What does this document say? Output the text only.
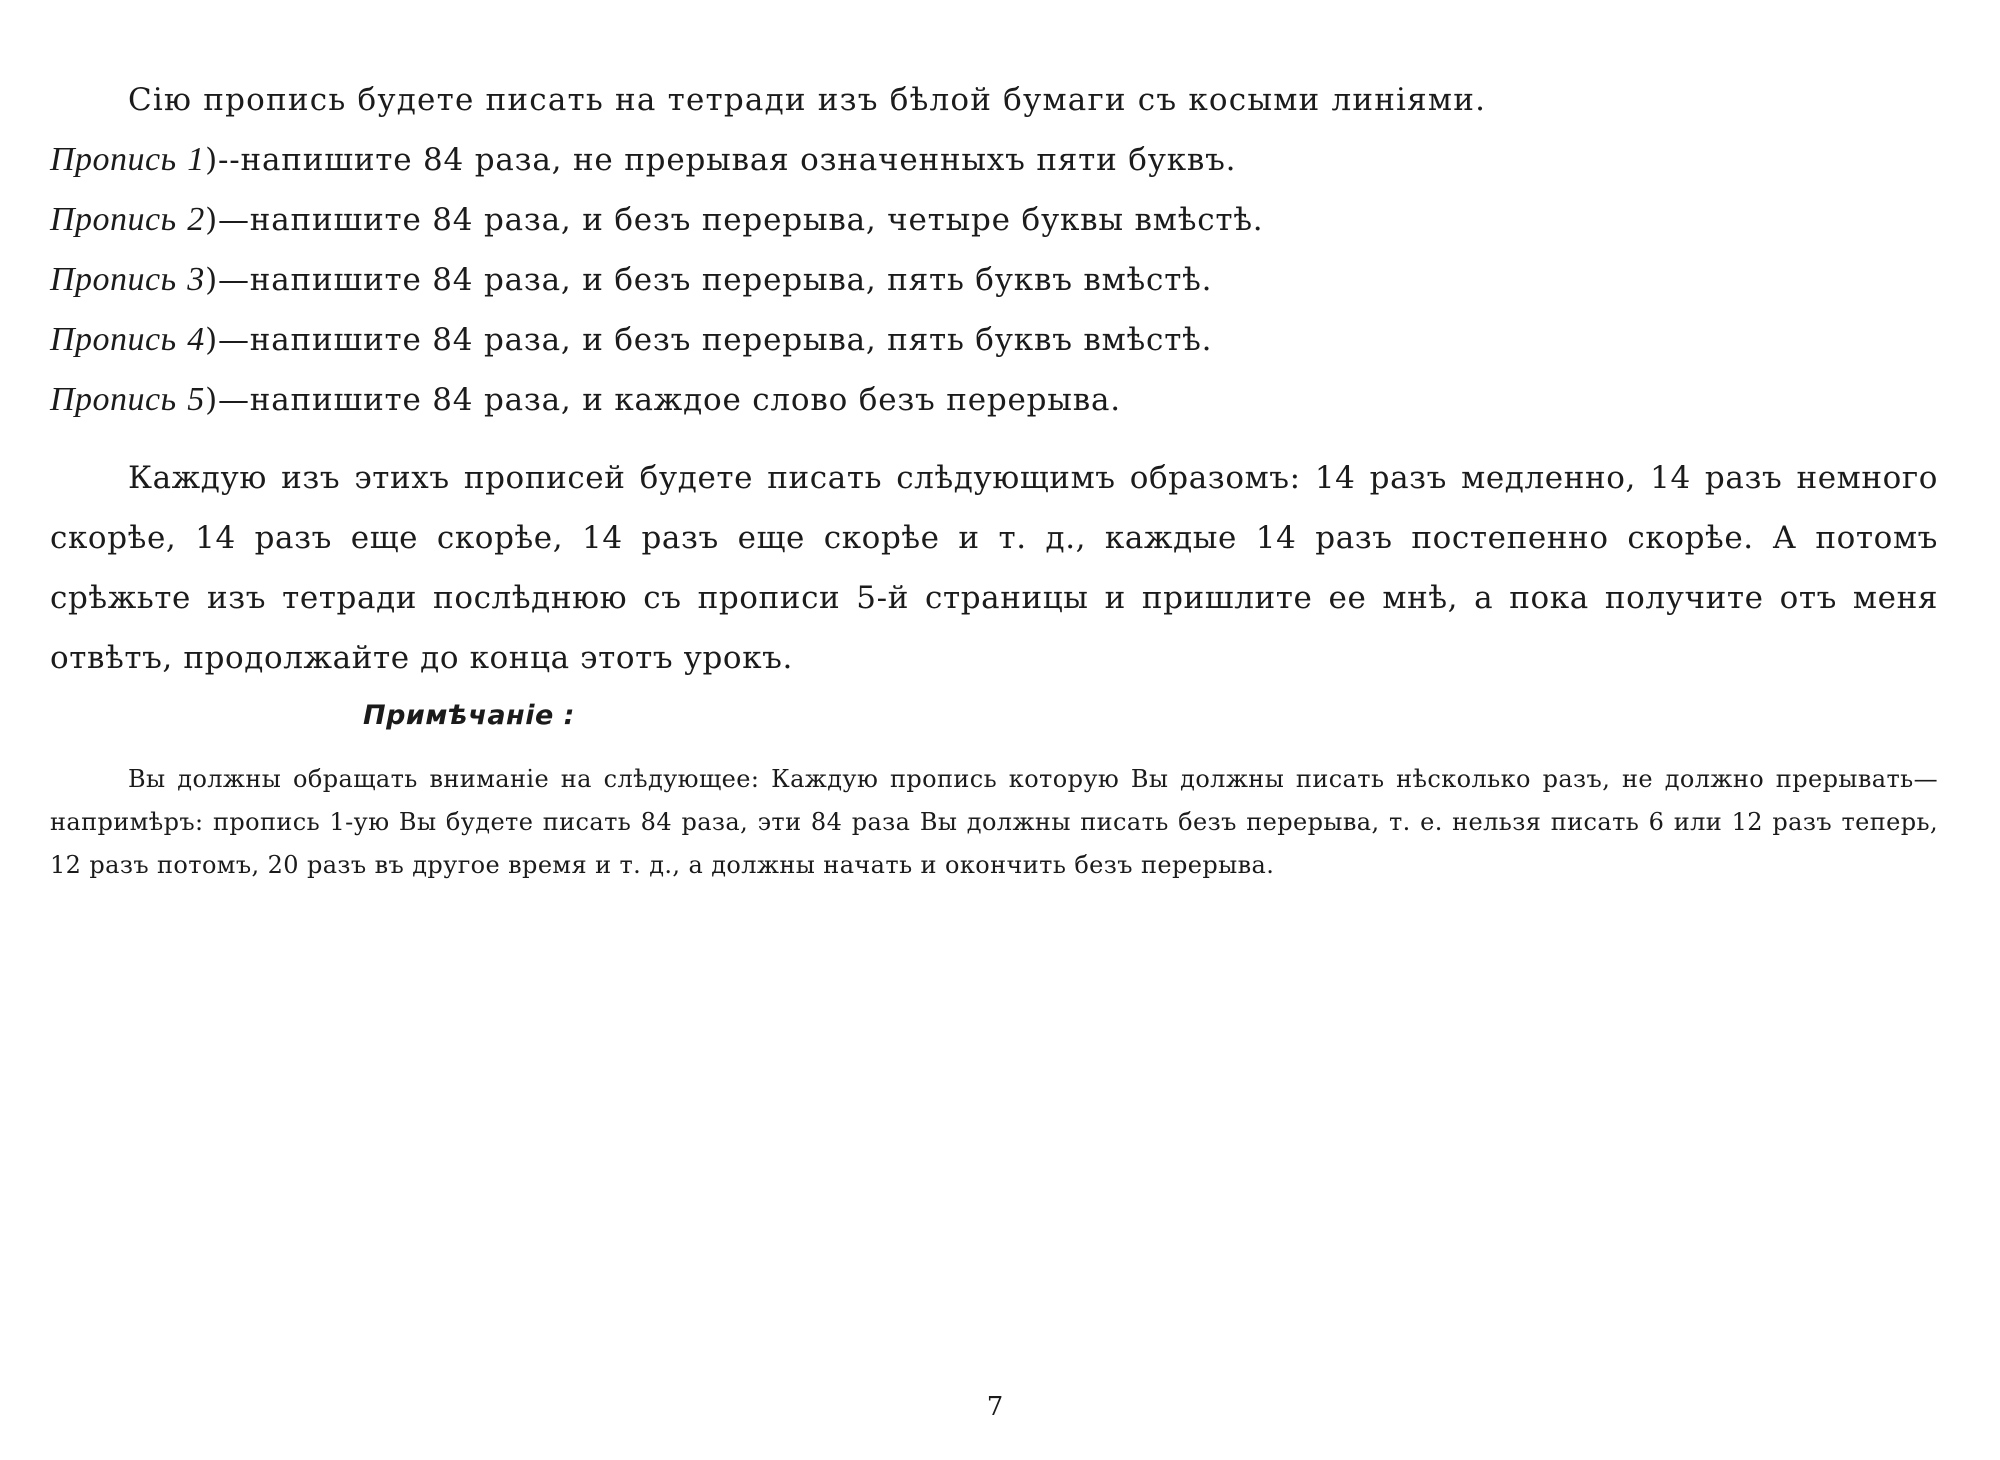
Сію пропись будете писать на тетради изъ бѣлой бумаги съ косыми линіями.
Пропись 1)--напишите 84 раза, не прерывая означенныхъ пяти буквъ.
Пропись 2)—напишите 84 раза, и безъ перерыва, четыре буквы вмѣстѣ.
Пропись 3)—напишите 84 раза, и безъ перерыва, пять буквъ вмѣстѣ.
Пропись 4)—напишите 84 раза, и безъ перерыва, пять буквъ вмѣстѣ.
Пропись 5)—напишите 84 раза, и каждое слово безъ перерыва.
Каждую изъ этихъ прописей будете писать слѣдующимъ образомъ: 14 разъ медленно, 14 разъ немного скорѣе, 14 разъ еще скорѣе, 14 разъ еще скорѣе и т. д., каждые 14 разъ постепенно скорѣе. А потомъ срѣжьте изъ тетради послѣднюю съ прописи 5-й страницы и пришлите ее мнѣ, а пока получите отъ меня отвѣтъ, продолжайте до конца этотъ урокъ.
Примѣчаніе :
Вы должны обращать вниманіе на слѣдующее: Каждую пропись которую Вы должны писать нѣсколько разъ, не должно прерывать—напримѣръ: пропись 1-ую Вы будете писать 84 раза, эти 84 раза Вы должны писать безъ перерыва, т. е. нельзя писать 6 или 12 разъ теперь, 12 разъ потомъ, 20 разъ въ другое время и т. д., а должны начать и окончить безъ перерыва.
7
